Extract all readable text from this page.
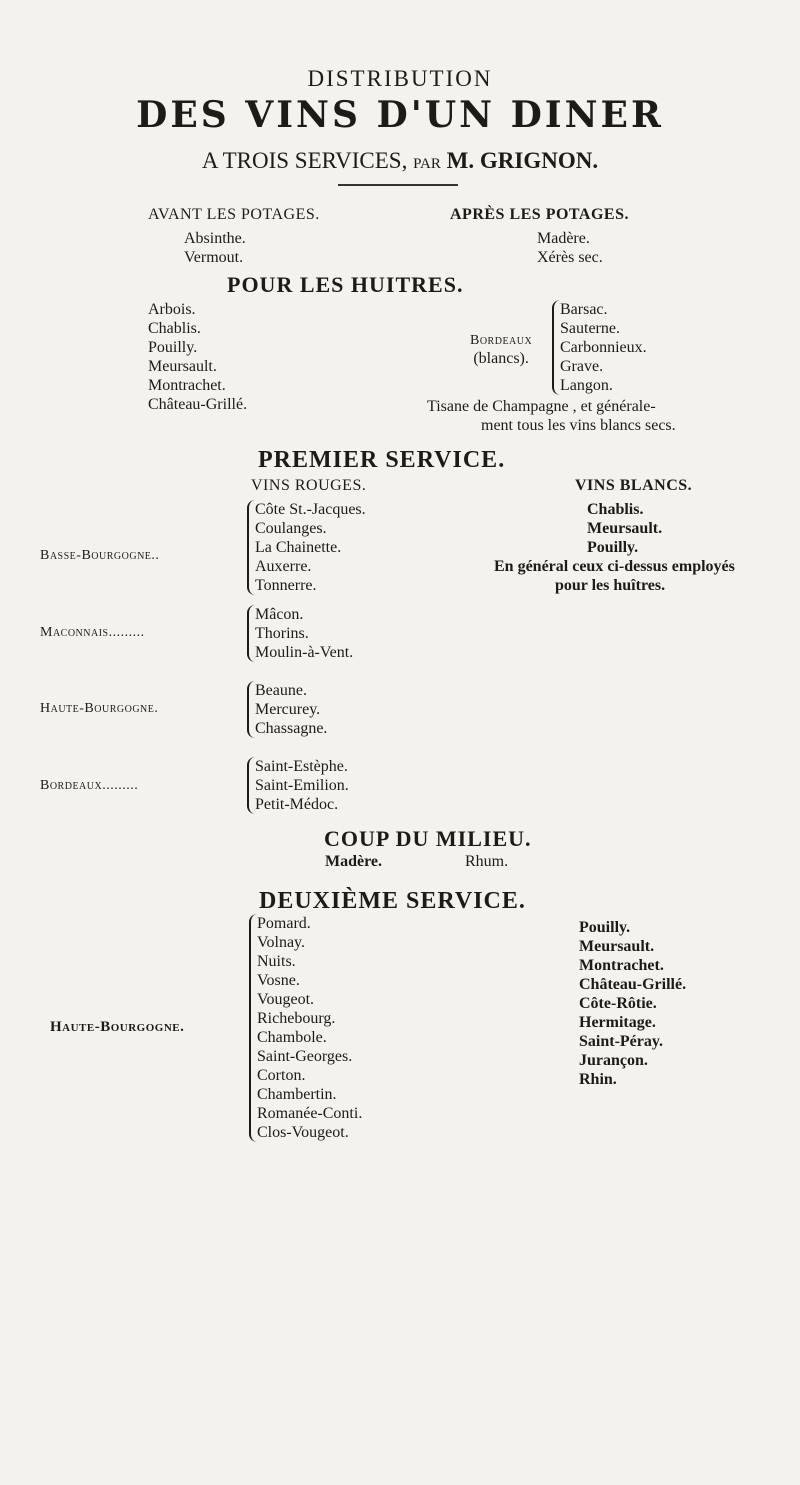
DISTRIBUTION
DES VINS D'UN DINER
A TROIS SERVICES, PAR M. GRIGNON.
AVANT LES POTAGES.
Absinthe.
Vermout.
APRÈS LES POTAGES.
Madère.
Xérès sec.
POUR LES HUITRES.
Arbois.
Chablis.
Pouilly.
Meursault.
Montrachet.
Château-Grillé.
Bordeaux
(blancs).
Barsac.
Sauterne.
Carbonnieux.
Grave.
Langon.
Tisane de Champagne , et générale-
ment tous les vins blancs secs.
PREMIER SERVICE.
VINS ROUGES.	VINS BLANCS.
Basse-Bourgogne..
Côte St.-Jacques.
Coulanges.
La Chainette.
Auxerre.
Tonnerre.
Maconnais.........
Mâcon.
Thorins.
Moulin-à-Vent.
Haute-Bourgogne.
Beaune.
Mercurey.
Chassagne.
Bordeaux.........
Saint-Estèphe.
Saint-Emilion.
Petit-Médoc.
Chablis.
Meursault.
Pouilly.
En général ceux ci-dessus employés
pour les huîtres.
COUP DU MILIEU.
Madère.	Rhum.
DEUXIÈME SERVICE.
Haute-Bourgogne.
Pomard.
Volnay.
Nuits.
Vosne.
Vougeot.
Richebourg.
Chambole.
Saint-Georges.
Corton.
Chambertin.
Romanée-Conti.
Clos-Vougeot.
Pouilly.
Meursault.
Montrachet.
Château-Grillé.
Côte-Rôtie.
Hermitage.
Saint-Péray.
Jurançon.
Rhin.
